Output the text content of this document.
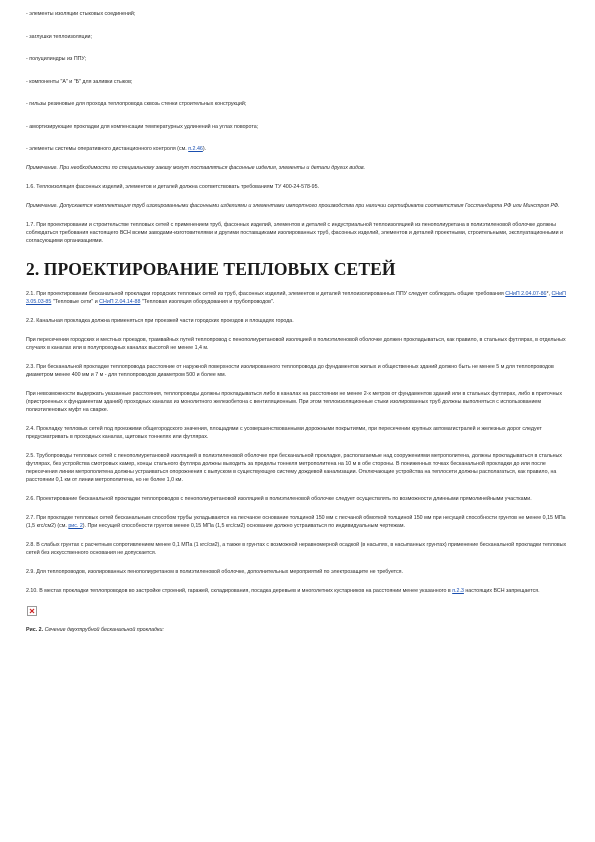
- элементы изоляции стыковых соединений;
- заглушки теплоизоляции;
- полуцилиндры из ППУ;
- компоненты "А" и "Б" для заливки стыков;
- гильзы резиновые для прохода теплопровода сквозь стенки строительных конструкций;
- амортизирующие прокладки для компенсации температурных удлинений на углах поворота;
- элементы системы оперативного дистанционного контроля (см. п.2.46).
Примечание. При необходимости по специальному заказу могут поставляться фасонные изделия, элементы и детали других видов.
1.6. Теплоизоляция фасонных изделий, элементов и деталей должна соответствовать требованиям ТУ 400-24-578-95.
Примечание. Допускается комплектация труб изолированными фасонными изделиями и элементами импортного производства при наличии сертификата соответствия Госстандарта РФ или Минстроя РФ.
1.7. При проектировании и строительстве тепловых сетей с применением труб, фасонных изделий, элементов и деталей с индустриальной теплоизоляцией из пенополиуретана в полиэтиленовой оболочке должны соблюдаться требования настоящего ВСН всеми заводами-изготовителями и другими поставщиками изолированных труб, фасонных изделий, элементов и деталей проектными, строительными, эксплуатационными и согласующими организациями.
2. ПРОЕКТИРОВАНИЕ ТЕПЛОВЫХ СЕТЕЙ
2.1. При проектировании бесканальной прокладки городских тепловых сетей из труб, фасонных изделий, элементов и деталей теплоизолированных ППУ следует соблюдать общие требования СНиП 2.04.07-86*, СНиП 3.05.03-85 "Тепловые сети" и СНиП 2.04.14-88 "Тепловая изоляция оборудования и трубопроводов".
2.2. Канальная прокладка должна применяться при проезжей части городских проездов и площадях города.
При пересечении городских и местных проездов, трамвайных путей теплопровод с пенополиуретановой изоляцией в полиэтиленовой оболочке должен прокладываться, как правило, в стальных футлярах, в отдельных случаях в каналах или в полупроходных каналах высотой не менее 1,4 м.
2.3. При бесканальной прокладке теплопровода расстояние от наружной поверхности изолированного теплопровода до фундаментов жилых и общественных зданий должно быть не менее 5 м для теплопроводов диаметром менее 400 мм и 7 м - для теплопроводов диаметром 500 и более мм.
При невозможности выдержать указанные расстояния, теплопроводы должны прокладываться либо в каналах на расстоянии не менее 2-х метров от фундаментов зданий или в стальных футлярах, либо в приточных (пристроенных к фундаментам зданий) проходных каналах из монолитного железобетона с вентиляционным. При этом теплоизоляционные стыки изолированных труб должны выполняться с использованием полиэтиленовых муфт на сварке.
2.4. Прокладку тепловых сетей под проезжими общегородского значения, площадями с усовершенствованными дорожными покрытиями, при пересечении крупных автомагистралей и железных дорог следует предусматривать в проходных каналах, щитовых тоннелях или футлярах.
2.5. Трубопроводы тепловых сетей с пенополиуретановой изоляцией в полиэтиленовой оболочке при бесканальной прокладке, располагаемые над сооружениями метрополитена, должны прокладываться в стальных футлярах, без устройства смотровых камер, концы стального футляра должны выходить за пределы тоннеля метрополитена на 10 м в обе стороны. В пониженных точках бесканальной прокладки до или после пересечения линии метрополитена должны устраиваться опорожнения с выпуском в существующую систему дождевой канализации. Отключающие устройства на теплосети должны располагаться, как правило, на расстоянии 0,1 км от линии метрополитена, но не более 1,0 км.
2.6. Проектирование бесканальной прокладки теплопроводов с пенополиуретановой изоляцией в полиэтиленовой оболочке следует осуществлять по возможности длинными прямолинейными участками.
2.7. При прокладке тепловых сетей бесканальным способом трубы укладываются на песчаное основание толщиной 150 мм с песчаной обмоткой толщиной 150 мм при несущей способности грунтов не менее 0,15 МПа (1,5 кгс/см2) (см. рис. 2). При несущей способности грунтов менее 0,15 МПа (1,5 кгс/см2) основание должно устраиваться по индивидуальным чертежам.
2.8. В слабых грунтах с расчетным сопротивлением менее 0,1 МПа (1 кгс/см2), а также в грунтах с возможной неравномерной осадкой (в насыпях, в насыпанных грунтах) применение бесканальной прокладки тепловых сетей без искусственного основания не допускается.
2.9. Для теплопроводов, изолированных пенополиуретаном в полиэтиленовой оболочке, дополнительных мероприятий по электрозащите не требуется.
2.10. В местах прокладки теплопроводов во застройке строений, гаражей, складирования, посадка деревьев и многолетних кустарников на расстоянии менее указанного в п.2.3 настоящих ВСН запрещается.
Рис. 2. Сечение двухтрубной бесканальной прокладки:
